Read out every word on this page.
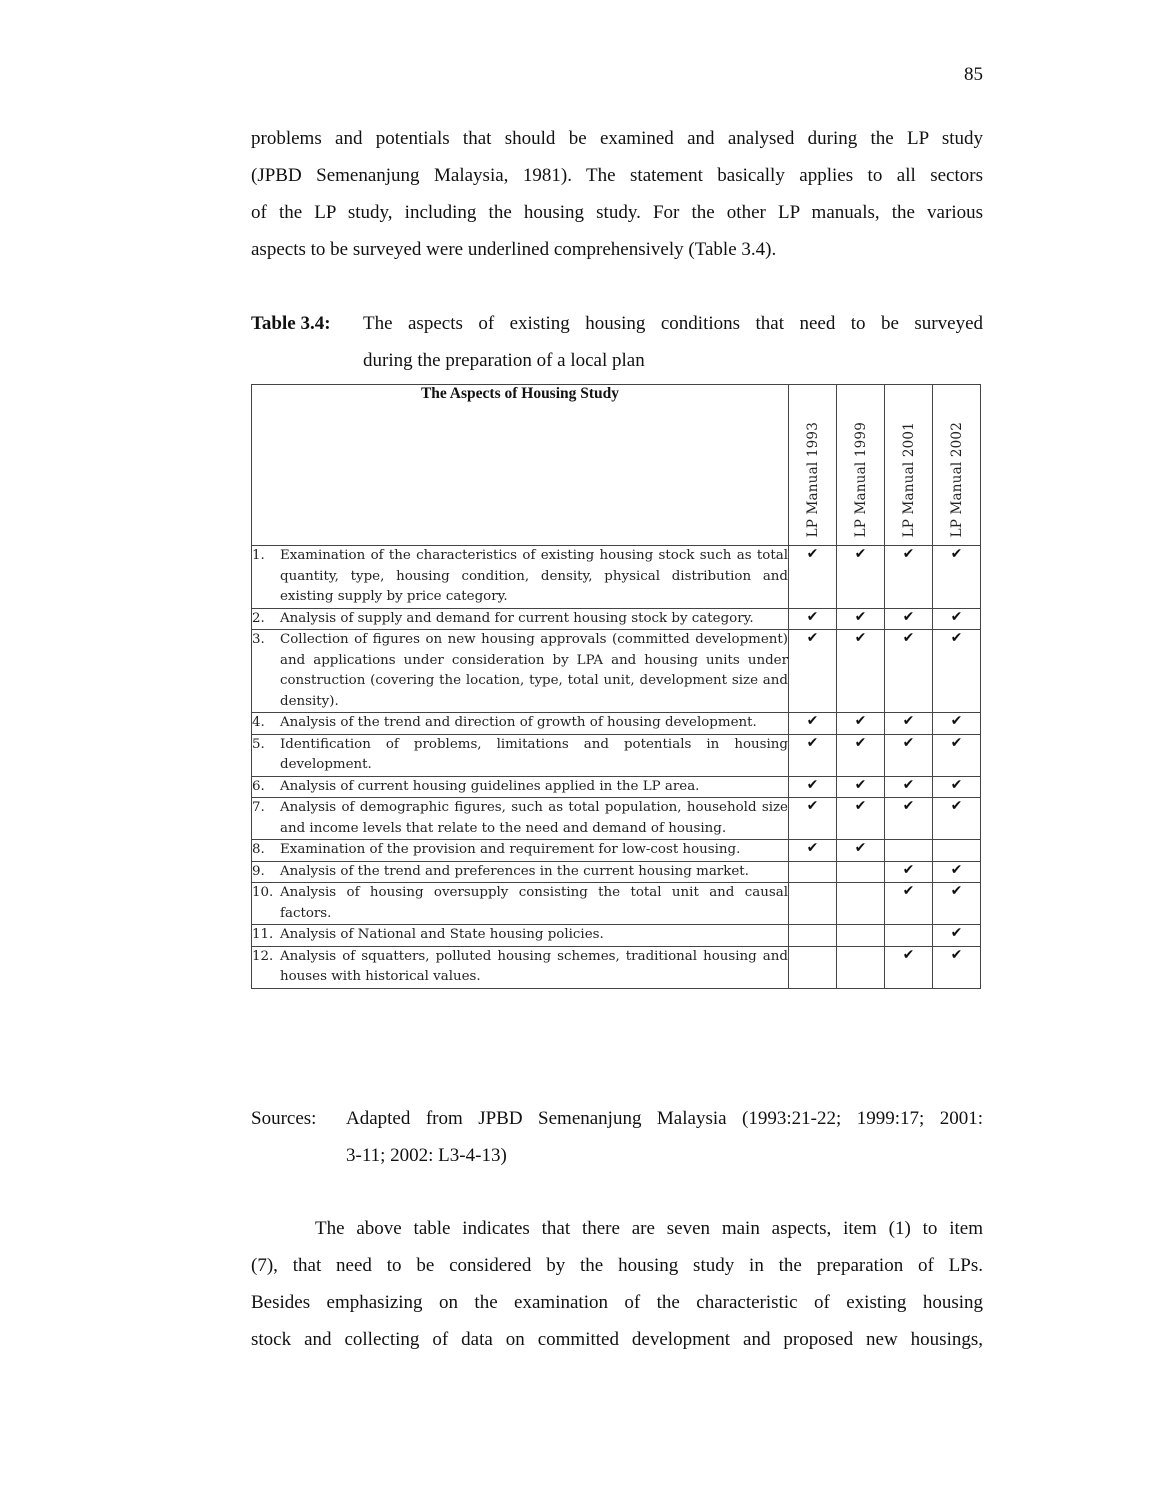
85
problems and potentials that should be examined and analysed during the LP study
(JPBD Semenanjung Malaysia, 1981). The statement basically applies to all sectors
of the LP study, including the housing study. For the other LP manuals, the various
aspects to be surveyed were underlined comprehensively (Table 3.4).
Table 3.4: The aspects of existing housing conditions that need to be surveyed
during the preparation of a local plan
The Aspects of Housing Study	LP Manual 1993	LP Manual 1999	LP Manual 2001	LP Manual 2002

1. Examination of the characteristics of existing housing stock such as total quantity, type, housing condition, density, physical distribution and existing supply by price category.	✔	✔	✔	✔

2. Analysis of supply and demand for current housing stock by category.	✔	✔	✔	✔

3. Collection of figures on new housing approvals (committed development) and applications under consideration by LPA and housing units under construction (covering the location, type, total unit, development size and density).	✔	✔	✔	✔

4. Analysis of the trend and direction of growth of housing development.	✔	✔	✔	✔

5. Identification of problems, limitations and potentials in housing development.	✔	✔	✔	✔

6. Analysis of current housing guidelines applied in the LP area.	✔	✔	✔	✔

7. Analysis of demographic figures, such as total population, household size and income levels that relate to the need and demand of housing.	✔	✔	✔	✔

8. Examination of the provision and requirement for low-cost housing.	✔	✔		

9. Analysis of the trend and preferences in the current housing market.			✔	✔

10. Analysis of housing oversupply consisting the total unit and causal factors.			✔	✔

11. Analysis of National and State housing policies.				✔

12. Analysis of squatters, polluted housing schemes, traditional housing and houses with historical values.			✔	✔
Sources: Adapted from JPBD Semenanjung Malaysia (1993:21-22; 1999:17; 2001:
3-11; 2002: L3-4-13)
The above table indicates that there are seven main aspects, item (1) to item
(7), that need to be considered by the housing study in the preparation of LPs.
Besides emphasizing on the examination of the characteristic of existing housing
stock and collecting of data on committed development and proposed new housings,
